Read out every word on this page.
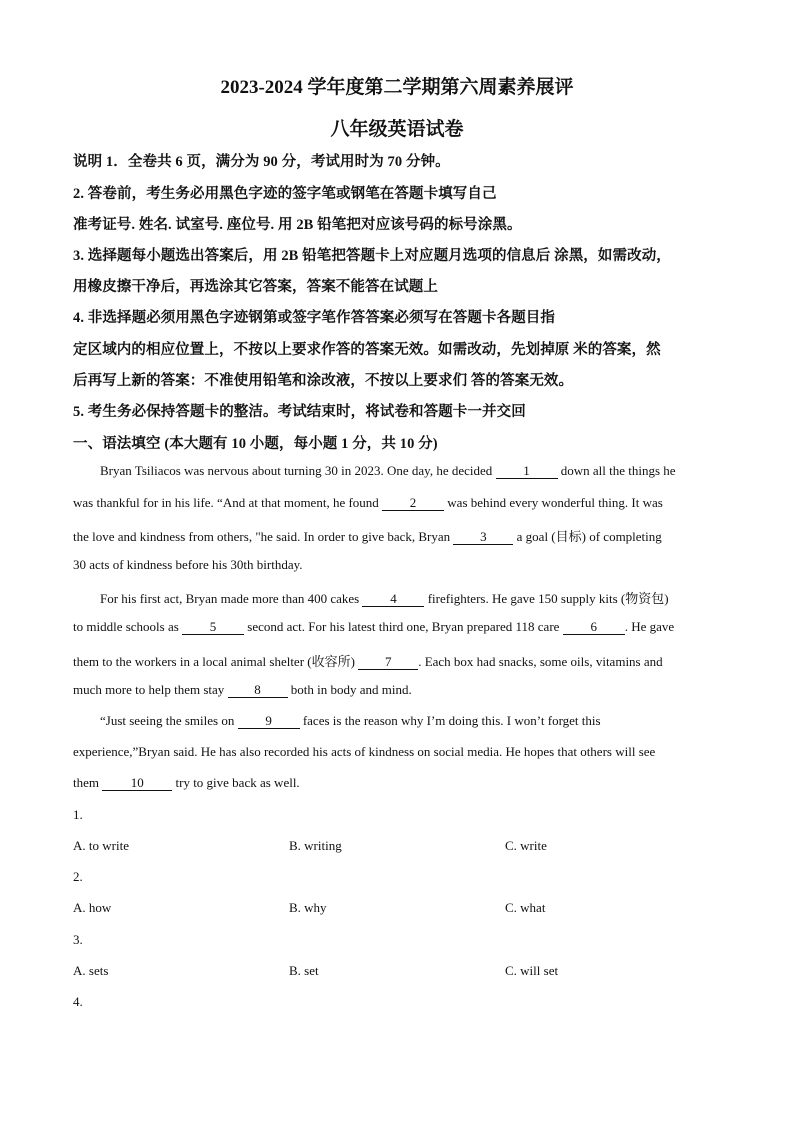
2023-2024 学年度第二学期第六周素养展评
八年级英语试卷
说明 1．全卷共 6 页，满分为 90 分，考试用时为 70 分钟。
2. 答卷前，考生务必用黑色字迹的签字笔或钢笔在答题卡填写自己
准考证号. 姓名. 试室号. 座位号. 用 2B 铅笔把对应该号码的标号涂黑。
3. 选择题每小题选出答案后，用 2B 铅笔把答题卡上对应题月选项的信息后 涂黑，如需改动，
用橡皮擦干净后，再选涂其它答案，答案不能答在试题上
4. 非选择题必须用黑色字迹钢第或签字笔作答答案必须写在答题卡各题目指
定区域内的相应位置上，不按以上要求作答的答案无效。如需改动，先划掉原 米的答案，然
后再写上新的答案：不准使用铅笔和涂改液，不按以上要求们 答的答案无效。
5. 考生务必保持答题卡的整洁。考试结束时，将试卷和答题卡一并交回
一、语法填空 (本大题有 10 小题，每小题 1 分，共 10 分)
Bryan Tsiliacos was nervous about turning 30 in 2023. One day, he decided 1 down all the things he
was thankful for in his life. “And at that moment, he found 2 was behind every wonderful thing. It was
the love and kindness from others, "he said. In order to give back, Bryan 3 a goal (目标) of completing
30 acts of kindness before his 30th birthday.
For his first act, Bryan made more than 400 cakes 4 firefighters. He gave 150 supply kits (物资包)
to middle schools as 5 second act. For his latest third one, Bryan prepared 118 care 6 . He gave
them to the workers in a local animal shelter (收容所) 7 . Each box had snacks, some oils, vitamins and
much more to help them stay 8 both in body and mind.
“Just seeing the smiles on 9 faces is the reason why I’m doing this. I won’t forget this
experience,”Bryan said. He has also recorded his acts of kindness on social media. He hopes that others will see
them 10 try to give back as well.
1.
A. to write	B. writing	C. write
2.
A. how	B. why	C. what
3.
A. sets	B. set	C. will set
4.
